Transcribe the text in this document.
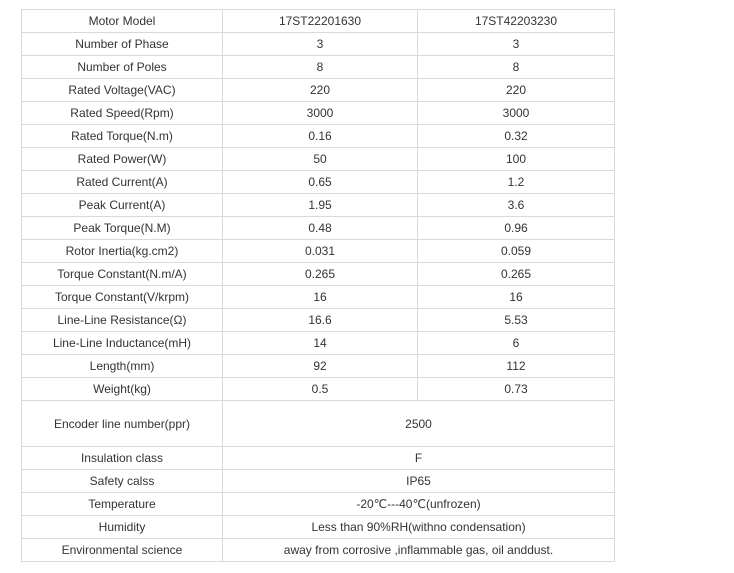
Motor Model	17ST22201630	17ST42203230
Number of Phase	3	3
Number of Poles	8	8
Rated Voltage(VAC)	220	220
Rated Speed(Rpm)	3000	3000
Rated Torque(N.m)	0.16	0.32
Rated Power(W)	50	100
Rated Current(A)	0.65	1.2
Peak Current(A)	1.95	3.6
Peak Torque(N.M)	0.48	0.96
Rotor Inertia(kg.cm2)	0.031	0.059
Torque Constant(N.m/A)	0.265	0.265
Torque Constant(V/krpm)	16	16
Line-Line Resistance(Ω)	16.6	5.53
Line-Line Inductance(mH)	14	6
Length(mm)	92	112
Weight(kg)	0.5	0.73
Encoder line number(ppr)	2500	
Insulation class	F	
Safety calss	IP65	
Temperature	-20℃---40℃(unfrozen)	
Humidity	Less than 90%RH(withno condensation)	
Environmental science	away from corrosive ,inflammable gas, oil anddust.	
